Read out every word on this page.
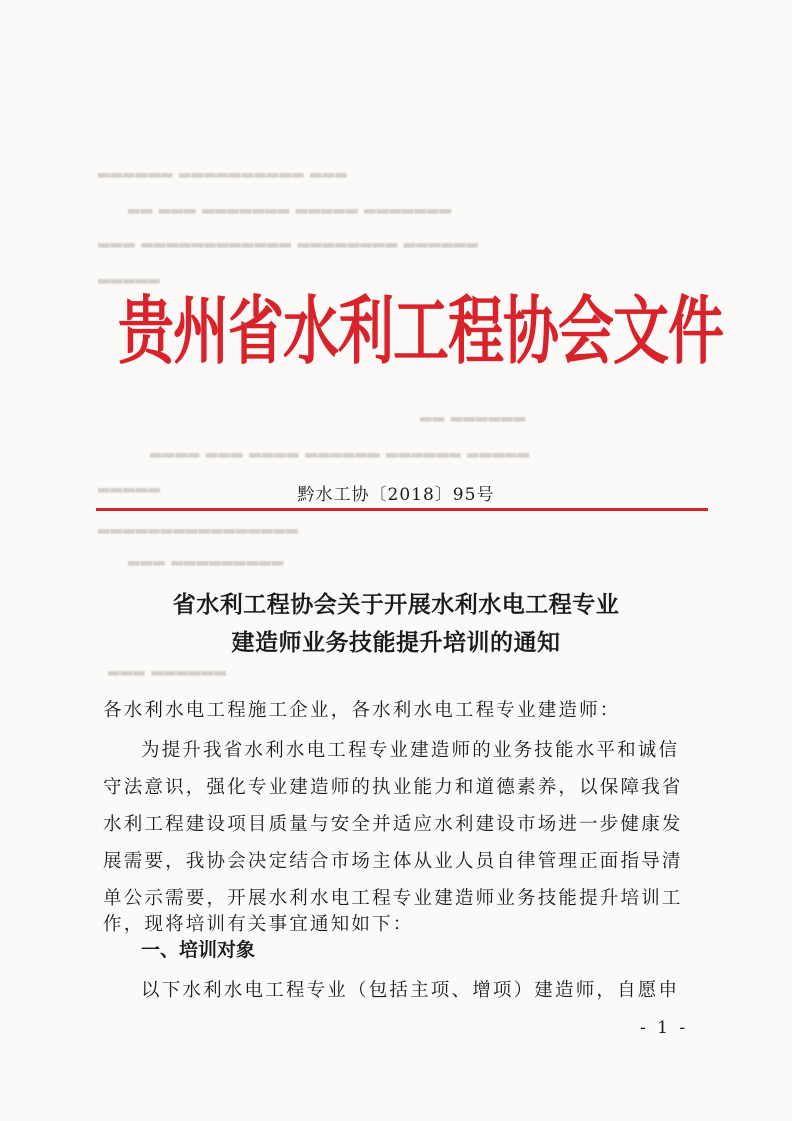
▂▂▂▂▂▂ ▂▂▂▂▂▂▂▂▂▂ ▂▂▂
▂▂ ▂▂▂ ▂▂▂▂▂▂▂ ▂▂▂▂▂ ▂▂▂▂▂▂▂
▂▂▂ ▂▂▂▂▂▂▂▂▂▂▂▂ ▂▂▂▂▂▂▂▂ ▂▂▂▂▂▂
▂▂▂▂▂
▂▂ ▂▂▂▂▂▂
▂▂▂▂ ▂▂▂ ▂▂▂▂ ▂▂▂▂▂▂ ▂▂▂▂▂▂ ▂▂▂▂▂
▂▂▂▂▂
▂▂▂▂▂▂▂▂▂▂▂▂▂▂▂▂
▂▂▂ ▂▂▂▂▂▂▂▂▂
▂▂▂ ▂▂▂▂▂▂
贵州省水利工程协会文件
黔水工协〔2018〕95号
省水利工程协会关于开展水利水电工程专业
建造师业务技能提升培训的通知
各水利水电工程施工企业，各水利水电工程专业建造师：
为提升我省水利水电工程专业建造师的业务技能水平和诚信
守法意识，强化专业建造师的执业能力和道德素养，以保障我省
水利工程建设项目质量与安全并适应水利建设市场进一步健康发
展需要，我协会决定结合市场主体从业人员自律管理正面指导清
单公示需要，开展水利水电工程专业建造师业务技能提升培训工
作，现将培训有关事宜通知如下：
一、培训对象
以下水利水电工程专业（包括主项、增项）建造师，自愿申
- 1 -
